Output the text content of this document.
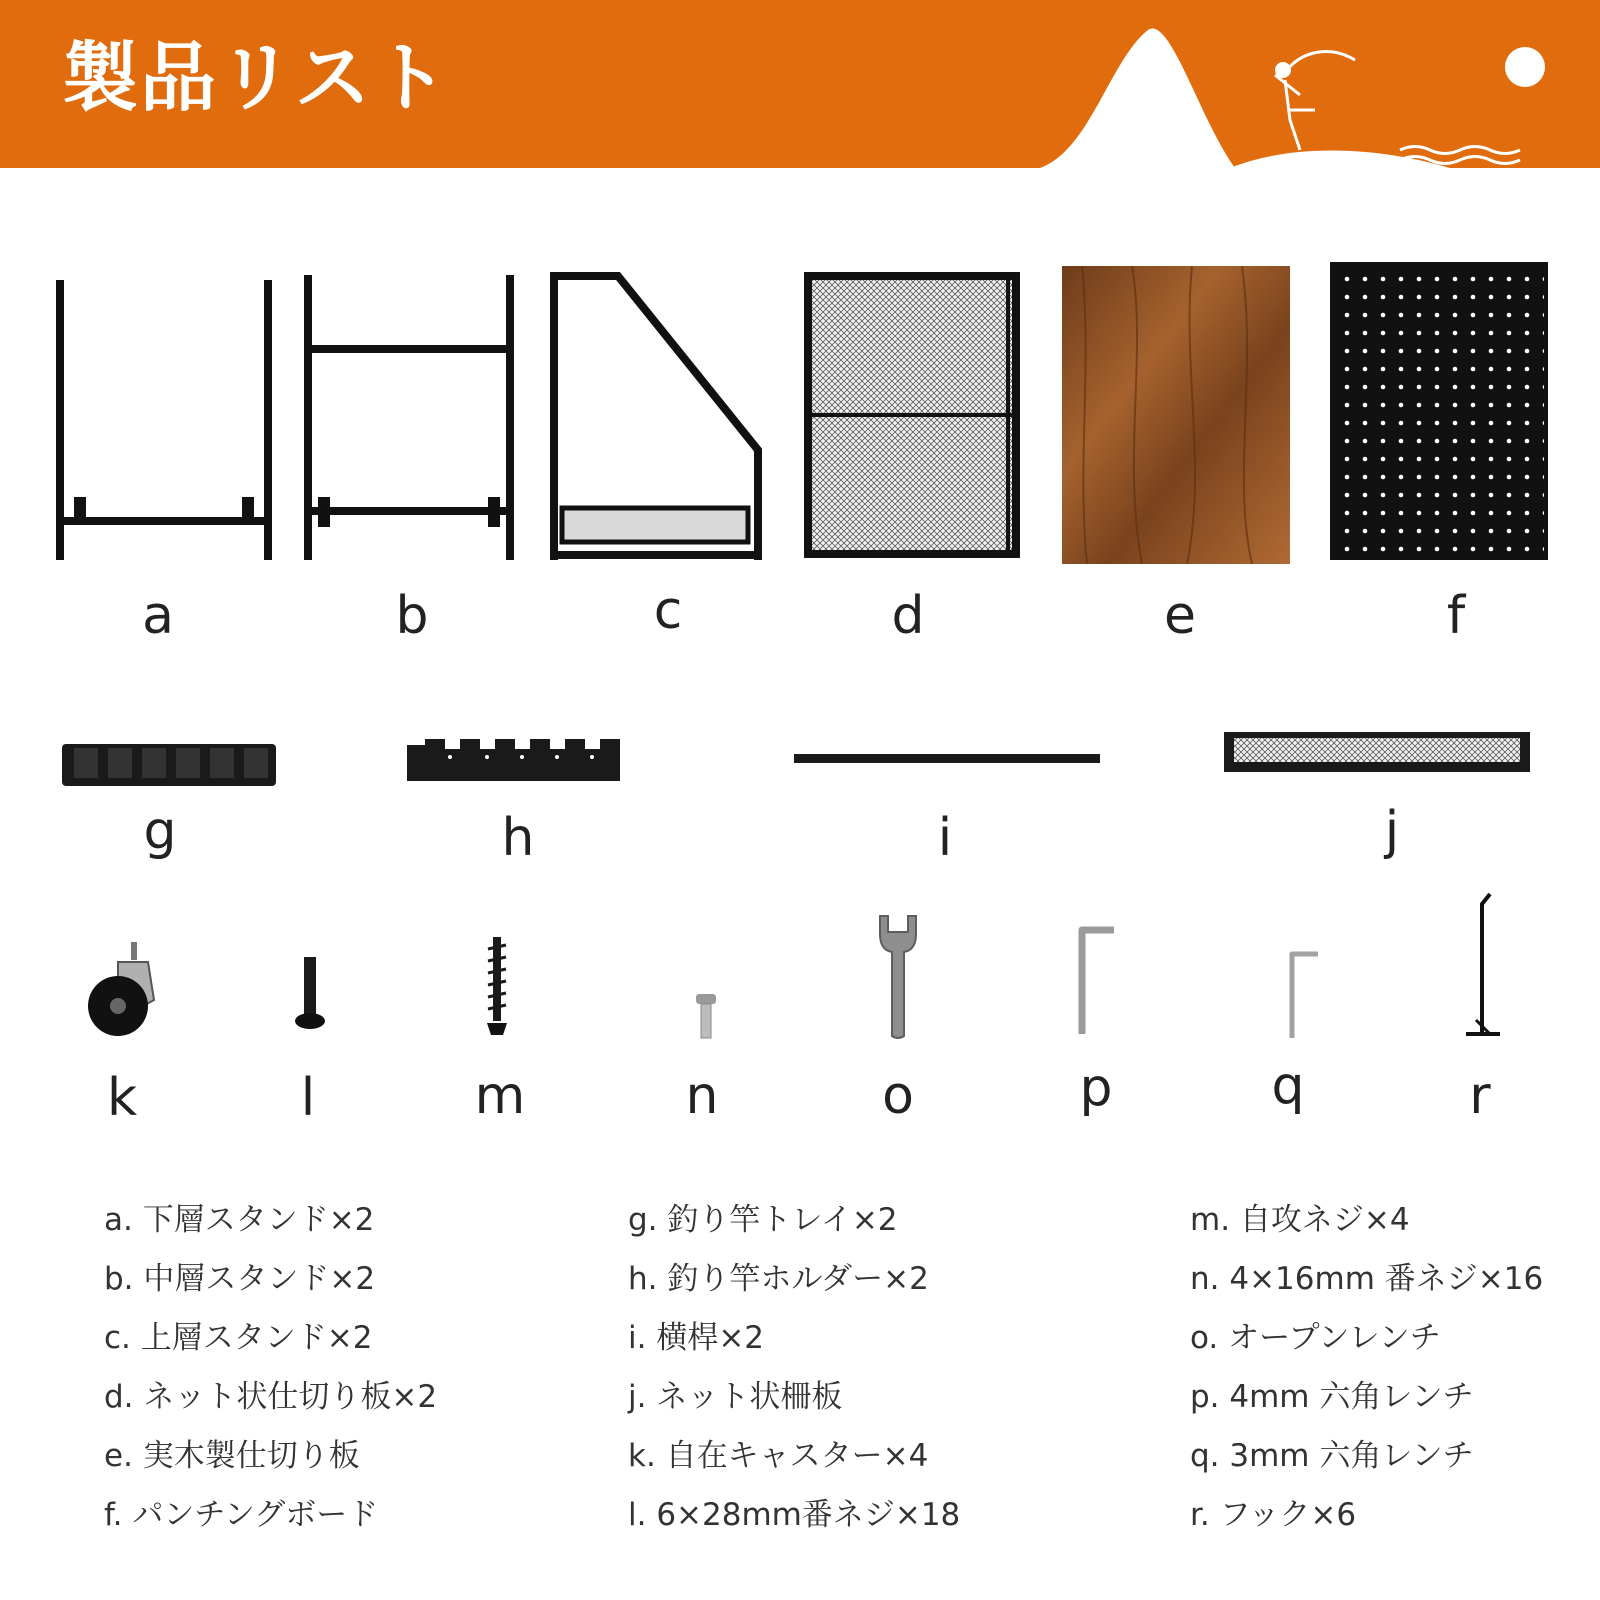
製品リスト
a	b	c	d	e	f
g	h	i	j
k	l	m	n	o	p	q	r
a. 下層スタンド×2
b. 中層スタンド×2
c. 上層スタンド×2
d. ネット状仕切り板×2
e. 実木製仕切り板
f. パンチングボード
g. 釣り竿トレイ×2
h. 釣り竿ホルダー×2
i. 横桿×2
j. ネット状柵板
k. 自在キャスター×4
l. 6×28mm番ネジ×18
m. 自攻ネジ×4
n. 4×16mm 番ネジ×16
o. オープンレンチ
p. 4mm 六角レンチ
q. 3mm 六角レンチ
r. フック×6
